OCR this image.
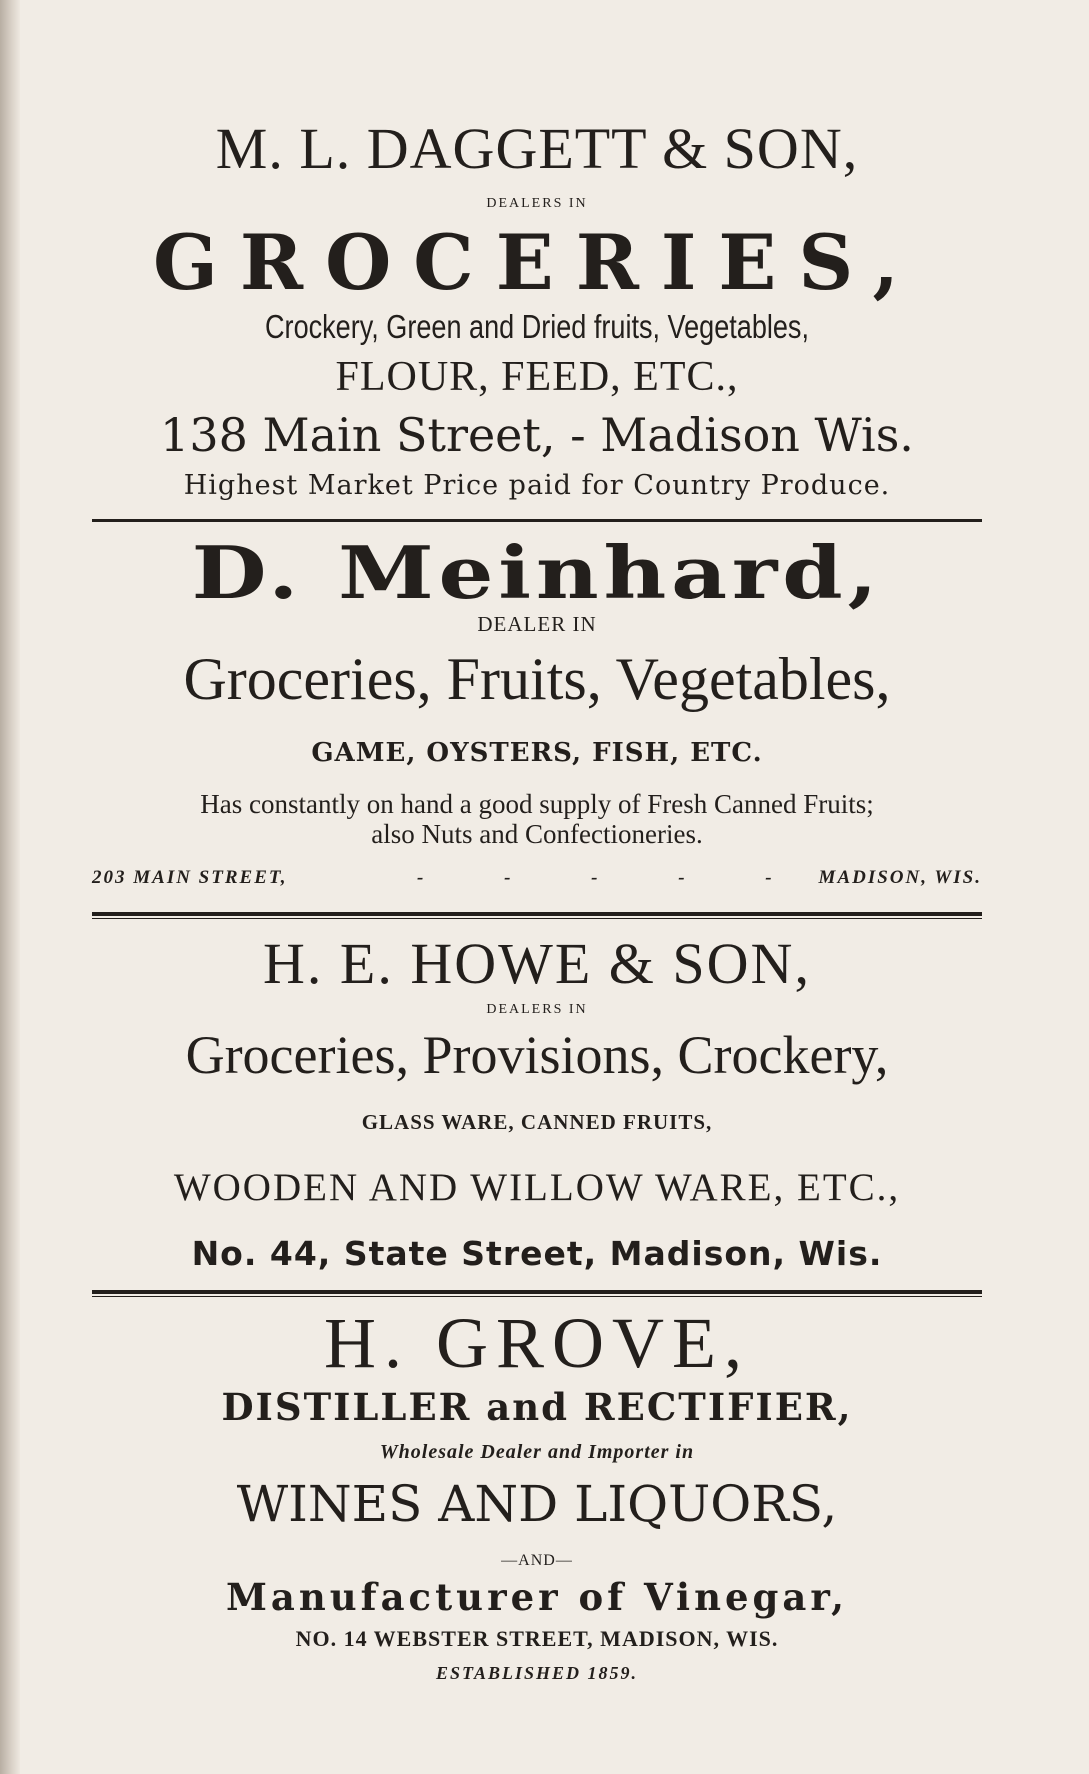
M. L. DAGGETT & SON,
DEALERS IN
GROCERIES,
Crockery, Green and Dried fruits, Vegetables,
FLOUR, FEED, ETC.,
138 Main Street, - Madison Wis.
Highest Market Price paid for Country Produce.
D. Meinhard,
DEALER IN
Groceries, Fruits, Vegetables,
GAME, OYSTERS, FISH, ETC.
Has constantly on hand a good supply of Fresh Canned Fruits;
also Nuts and Confectioneries.
203 MAIN STREET,	- - - - - MADISON, WIS.
H. E. HOWE & SON,
DEALERS IN
Groceries, Provisions, Crockery,
GLASS WARE, CANNED FRUITS,
WOODEN AND WILLOW WARE, ETC.,
No. 44, State Street, Madison, Wis.
H. GROVE,
DISTILLER and RECTIFIER,
Wholesale Dealer and Importer in
WINES AND LIQUORS,
—AND—
Manufacturer of Vinegar,
NO. 14 WEBSTER STREET, MADISON, WIS.
ESTABLISHED 1859.
